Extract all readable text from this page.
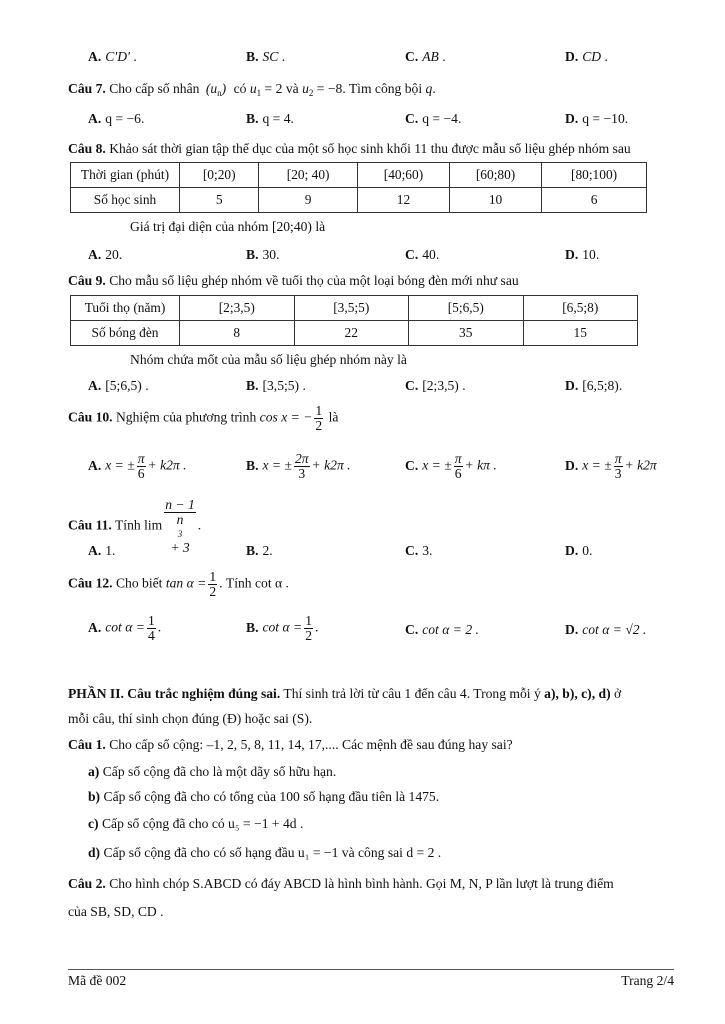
A. C'D' .	B. SC .	C. AB .	D. CD .
Câu 7. Cho cấp số nhân $(u_n)$ có $u_1 = 2$ và $u_2 = -8$. Tìm công bội q.
A. q = −6.	B. q = 4.	C. q = −4.	D. q = −10.
Câu 8. Khảo sát thời gian tập thể dục của một số học sinh khối 11 thu được mẫu số liệu ghép nhóm sau
Thời gian (phút)	[0;20)	[20; 40)	[40;60)	[60;80)	[80;100)
Số học sinh	5	9	12	10	6
Giá trị đại diện của nhóm [20;40) là
A. 20.	B. 30.	C. 40.	D. 10.
Câu 9. Cho mẫu số liệu ghép nhóm về tuổi thọ của một loại bóng đèn mới như sau
Tuổi thọ (năm)	[2;3,5)	[3,5;5)	[5;6,5)	[6,5;8)
Số bóng đèn	8	22	35	15
Nhóm chứa mốt của mẫu số liệu ghép nhóm này là
A. [5;6,5) .	B. [3,5;5) .	C. [2;3,5) .	D. [6,5;8).
Câu 10. Nghiệm của phương trình cos x = − $\frac{1}{2}$ là
A. x = ± $\frac{\pi}{6} + k2\pi$ .	B. x = ± $\frac{2\pi}{3} + k2\pi$ .	C. x = ± $\frac{\pi}{6} + k\pi$ .	D. x = ± $\frac{\pi}{3} + k2\pi$
Câu 11. Tính lim n − 1
n
3
+ 3 .
A. 1.	B. 2.	C. 3.	D. 0.
Câu 12. Cho biết $\tan \alpha = \frac{1}{2}$ . Tính cot α .
A. $\cot \alpha = \frac{1}{4}$ .	B. $\cot \alpha = \frac{1}{2}$ .	C. cot α = 2 .	D. cot α = √2 .
PHẦN II. Câu trắc nghiệm đúng sai. Thí sinh trả lời từ câu 1 đến câu 4. Trong mỗi ý a), b), c), d) ở
mỗi câu, thí sinh chọn đúng (Đ) hoặc sai (S).
Câu 1. Cho cấp số cộng: –1, 2, 5, 8, 11, 14, 17,.... Các mệnh đề sau đúng hay sai?
a) Cấp số cộng đã cho là một dãy số hữu hạn.
b) Cấp số cộng đã cho có tổng của 100 số hạng đầu tiên là 1475.
c) Cấp số cộng đã cho có u₅ = −1 + 4d .
d) Cấp số cộng đã cho có số hạng đầu u₁ = −1 và công sai d = 2 .
Câu 2. Cho hình chóp S.ABCD có đáy ABCD là hình bình hành. Gọi M, N, P lần lượt là trung điểm
của SB, SD, CD .
Mã đề 002	Trang 2/4
